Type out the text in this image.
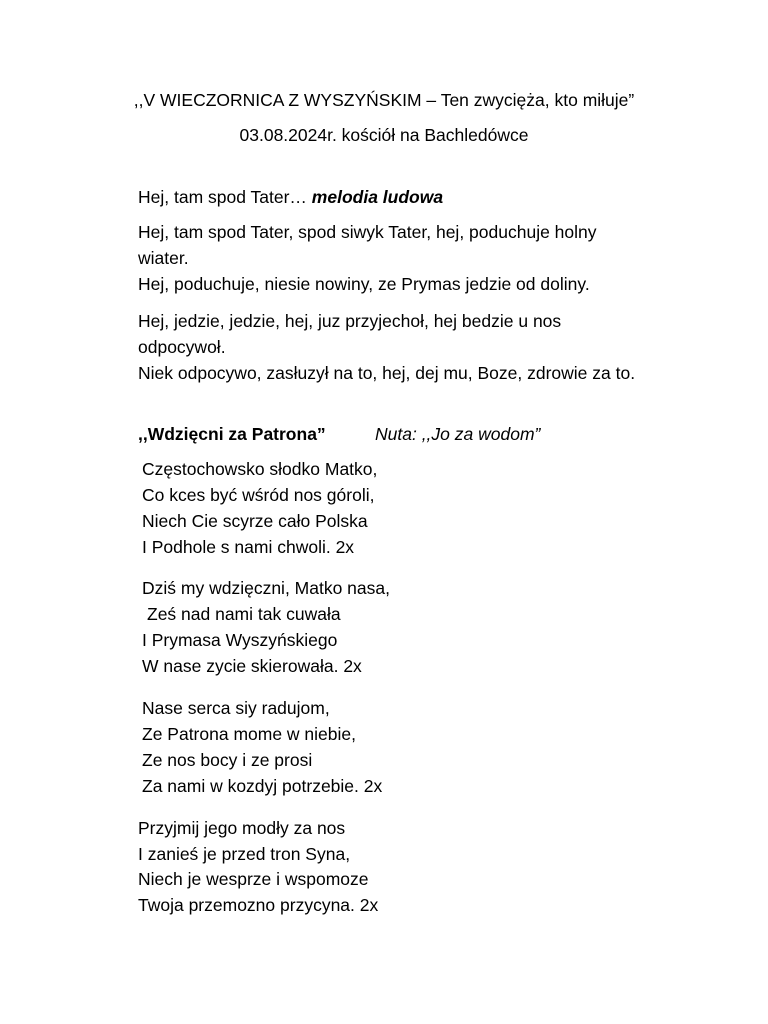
,,V WIECZORNICA Z WYSZYŃSKIM – Ten zwycięża, kto miłuje”
03.08.2024r. kościół na Bachledówce
Hej, tam spod Tater… melodia ludowa
Hej, tam spod Tater, spod siwyk Tater, hej, poduchuje holny
wiater.
Hej, poduchuje, niesie nowiny, ze Prymas jedzie od doliny.
Hej, jedzie, jedzie, hej, juz przyjechoł, hej bedzie u nos
odpocywoł.
Niek odpocywo, zasłuzył na to, hej, dej mu, Boze, zdrowie za to.
,,Wdzięcni za Patrona”	Nuta: ,,Jo za wodom”
Częstochowsko słodko Matko,
Co kces być wśród nos góroli,
Niech Cie scyrze cało Polska
I Podhole s nami chwoli. 2x
Dziś my wdzięczni, Matko nasa,
Ześ nad nami tak cuwała
I Prymasa Wyszyńskiego
W nase zycie skierowała. 2x
Nase serca siy radujom,
Ze Patrona mome w niebie,
Ze nos bocy i ze prosi
Za nami w kozdyj potrzebie. 2x
Przyjmij jego modły za nos
I zanieś je przed tron Syna,
Niech je wesprze i wspomoze
Twoja przemozno przycyna. 2x
